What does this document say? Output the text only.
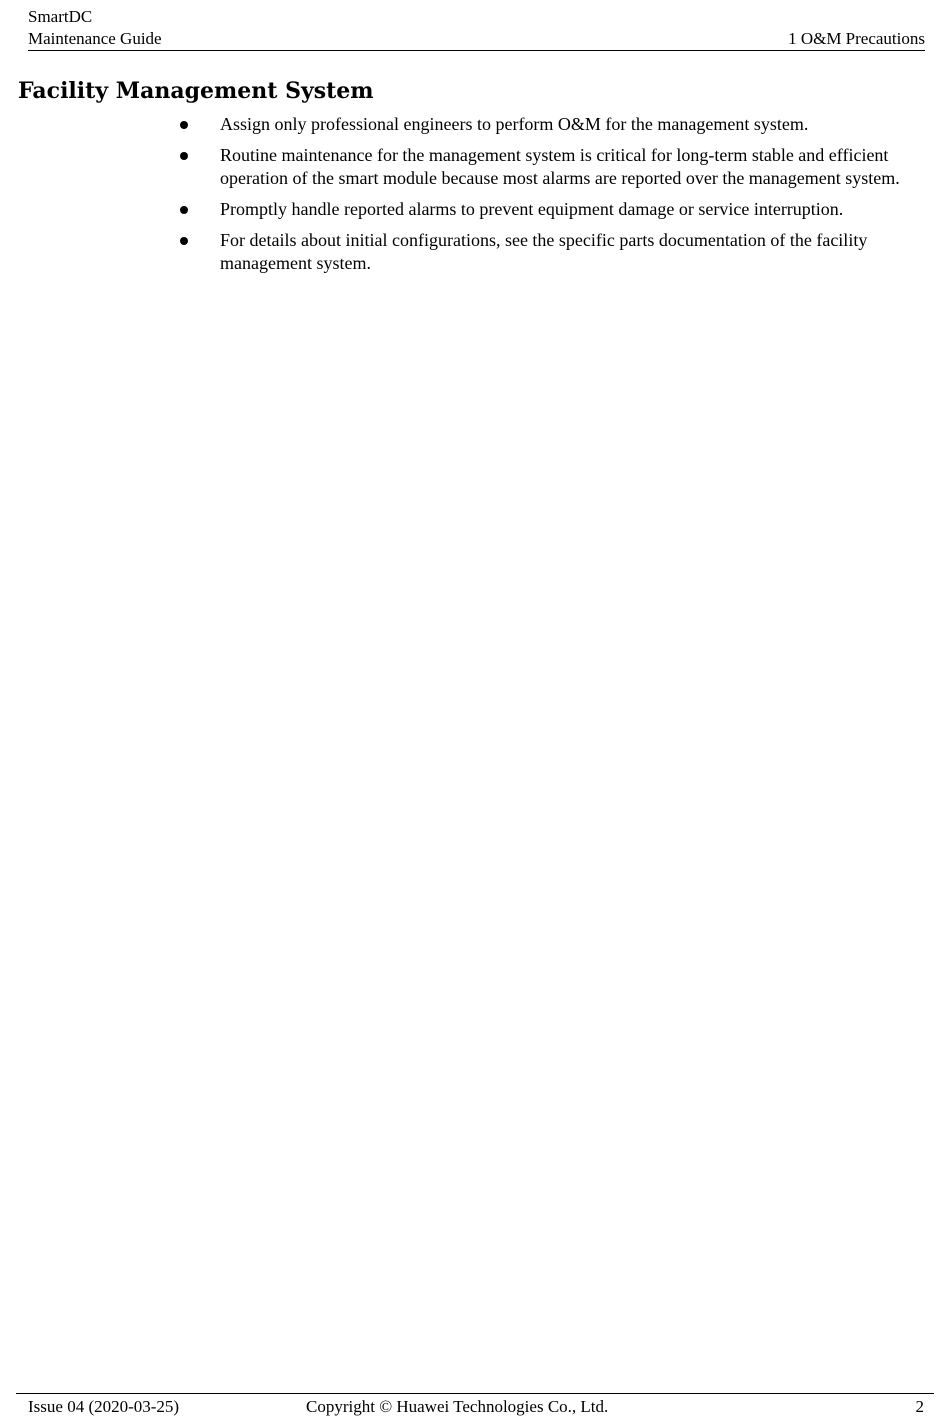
SmartDC
Maintenance Guide	1 O&M Precautions
Facility Management System
Assign only professional engineers to perform O&M for the management system.
Routine maintenance for the management system is critical for long-term stable and efficient operation of the smart module because most alarms are reported over the management system.
Promptly handle reported alarms to prevent equipment damage or service interruption.
For details about initial configurations, see the specific parts documentation of the facility management system.
Issue 04 (2020-03-25)	Copyright © Huawei Technologies Co., Ltd.	2
